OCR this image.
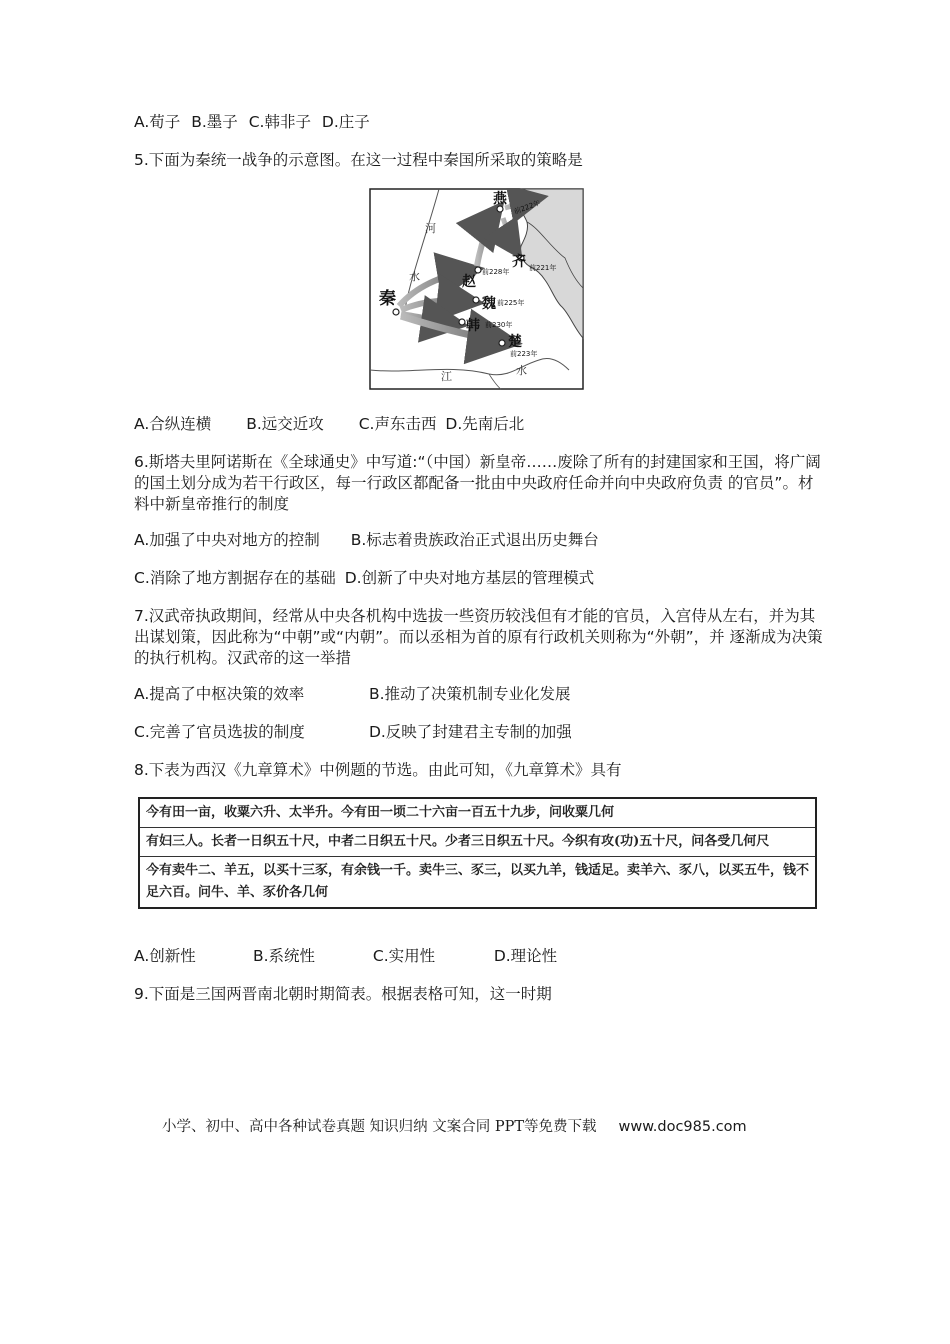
A.荀子 B.墨子 C.韩非子 D.庄子
5.下面为秦统一战争的示意图。在这一过程中秦国所采取的策略是
秦
赵
魏
韩
楚
燕
齐
前228年
前225年
前230年
前223年
前222年
前221年
河
水
江	水
A.合纵连横 B.远交近攻 C.声东击西 D.先南后北
6.斯塔夫里阿诺斯在《全球通史》中写道:“（中国）新皇帝……废除了所有的封建国家和王国，将广阔的国土划分成为若干行政区，每一行政区都配备一批由中央政府任命并向中央政府负责 的官员”。材料中新皇帝推行的制度
A.加强了中央对地方的控制 B.标志着贵族政治正式退出历史舞台
C.消除了地方割据存在的基础 D.创新了中央对地方基层的管理模式
7.汉武帝执政期间，经常从中央各机构中选拔一些资历较浅但有才能的官员，入宫侍从左右，并为其出谋划策，因此称为“中朝”或“内朝”。而以丞相为首的原有行政机关则称为“外朝”，并 逐渐成为决策的执行机构。汉武帝的这一举措
A.提高了中枢决策的效率	B.推动了决策机制专业化发展
C.完善了官员选拔的制度	D.反映了封建君主专制的加强
8.下表为西汉《九章算术》中例题的节选。由此可知，《九章算术》具有
今有田一亩，收粟六升、太半升。今有田一顷二十六亩一百五十九步，问收粟几何
有妇三人。长者一日织五十尺，中者二日织五十尺。少者三日织五十尺。今织有攻(功)五十尺，问各受几何尺
今有卖牛二、羊五，以买十三豕，有余钱一千。卖牛三、豕三，以买九羊，钱适足。卖羊六、豕八，以买五牛，钱不足六百。问牛、羊、豕价各几何
A.创新性	B.系统性	C.实用性	D.理论性
9.下面是三国两晋南北朝时期简表。根据表格可知，这一时期
小学、初中、高中各种试卷真题 知识归纳 文案合同 PPT等免费下载 www.doc985.com
